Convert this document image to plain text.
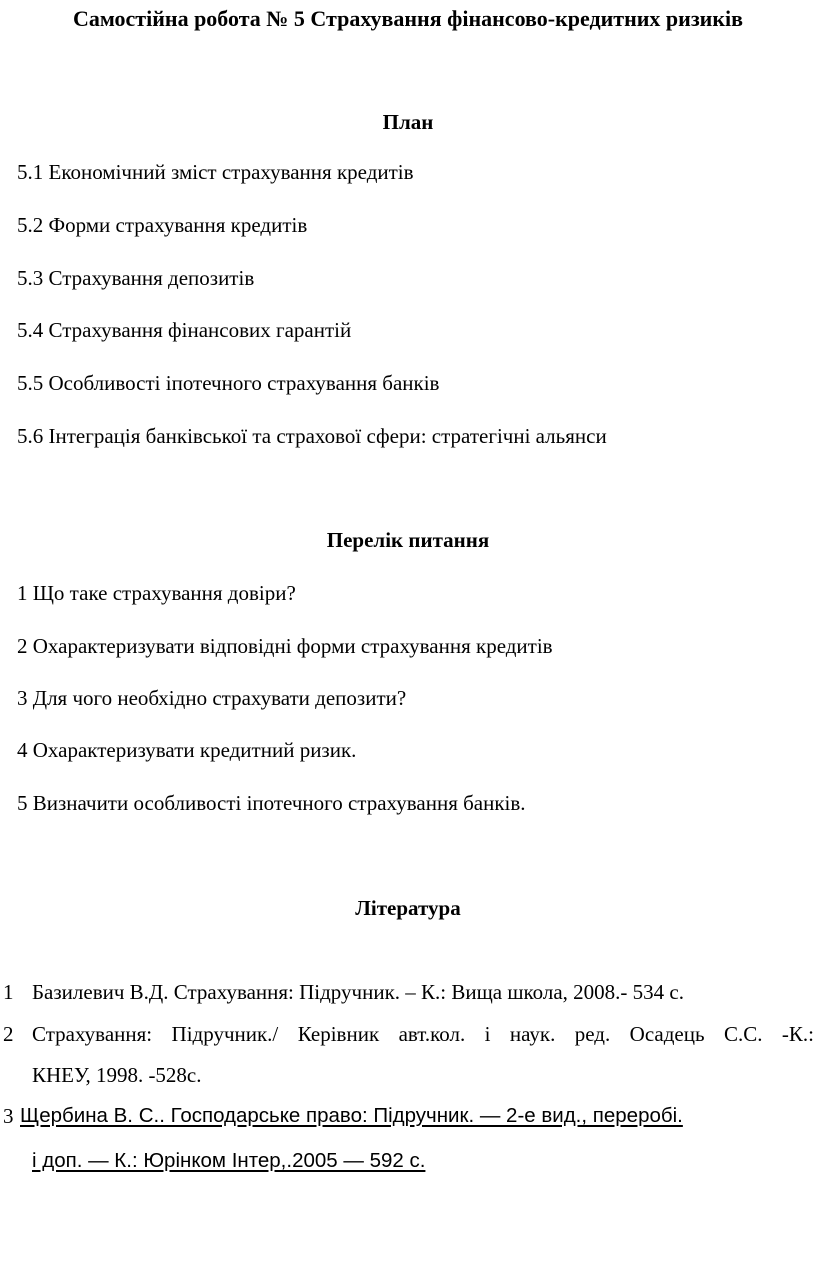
Самостійна робота № 5 Страхування фінансово-кредитних ризиків
План
5.1 Економічний зміст страхування кредитів
5.2 Форми страхування кредитів
5.3 Страхування депозитів
5.4 Страхування фінансових гарантій
5.5 Особливості іпотечного страхування банків
5.6 Інтеграція банківської та страхової сфери: стратегічні альянси
Перелік питання
1 Що таке страхування довіри?
2 Охарактеризувати відповідні форми страхування кредитів
3 Для чого необхідно страхувати депозити?
4 Охарактеризувати кредитний ризик.
5 Визначити особливості іпотечного страхування банків.
Література
1 Базилевич В.Д. Страхування: Підручник. – К.: Вища школа, 2008.- 534 с.
2 Страхування: Підручник./ Керівник авт.кол. і наук. ред. Осадець С.С. -К.:
КНЕУ, 1998. -528с.
3 Щербина В. С.. Господарське право: Підручник. — 2-е вид., переробі.
і доп. — К.: Юрінком Інтер,.2005 — 592 с.
